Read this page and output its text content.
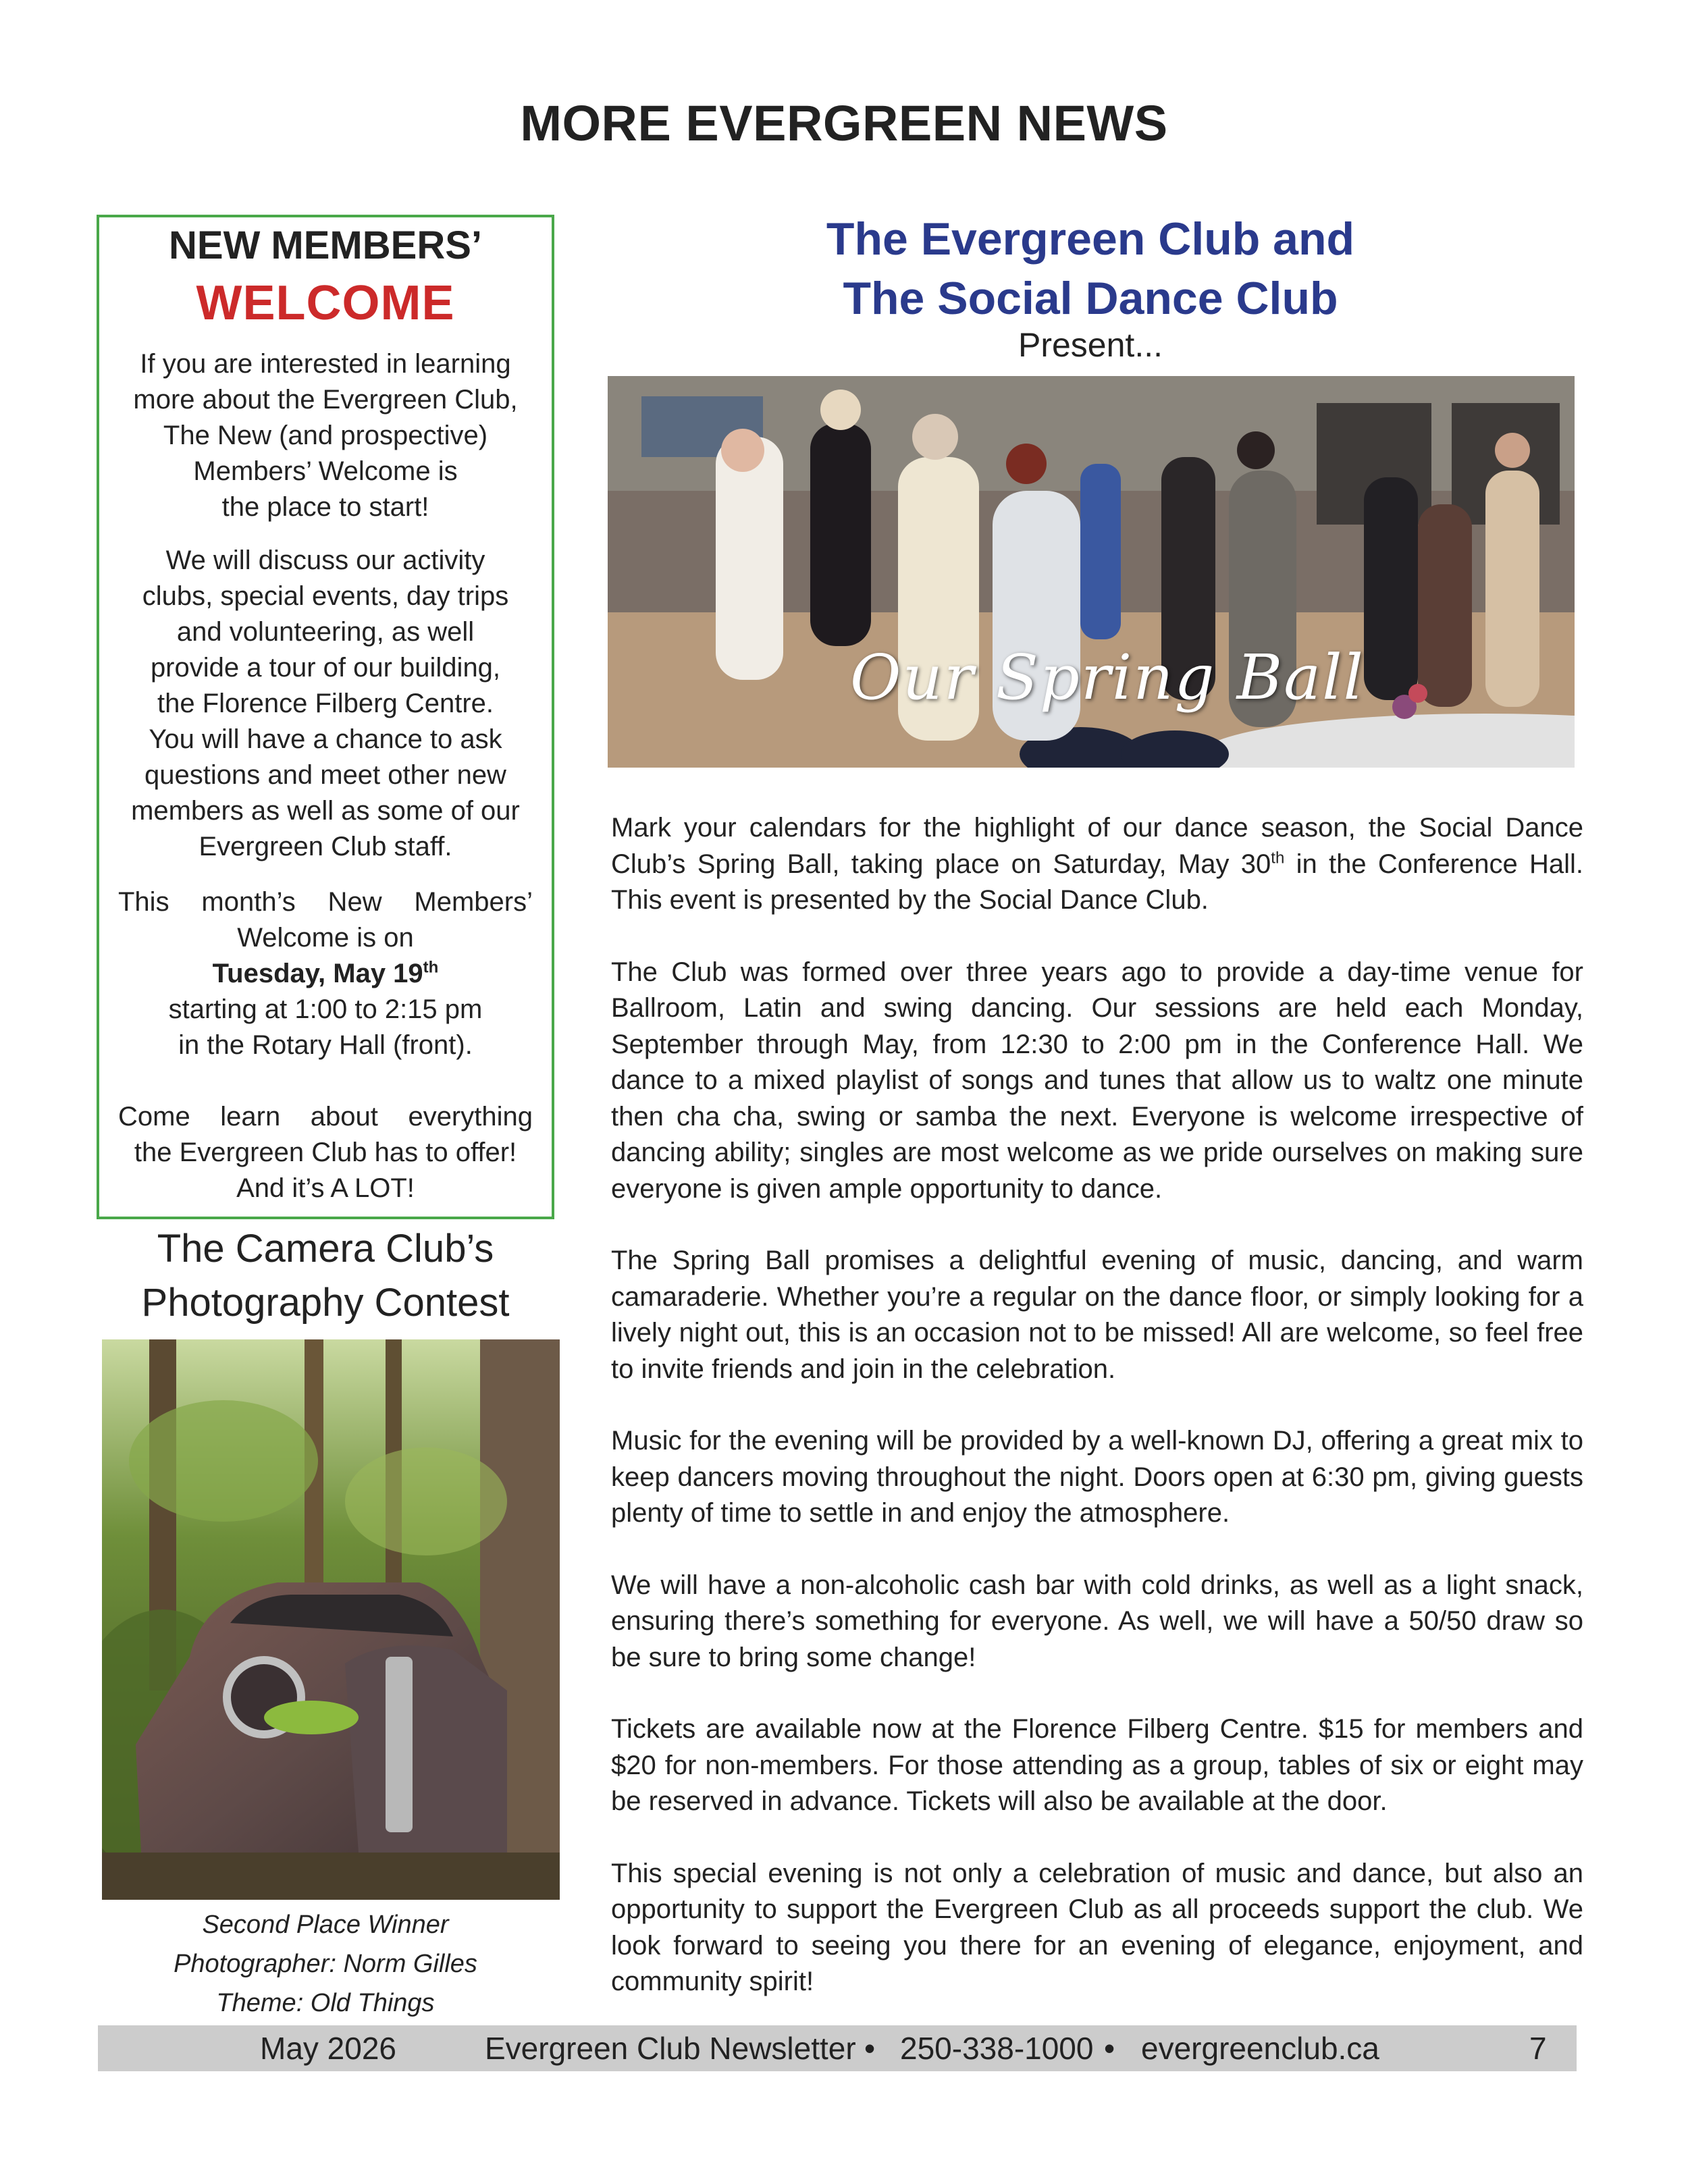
MORE EVERGREEN NEWS
NEW MEMBERS’
WELCOME
If you are interested in learning
more about the Evergreen Club,
The New (and prospective)
Members’ Welcome is
the place to start!
We will discuss our activity
clubs, special events, day trips
and volunteering, as well
provide a tour of our building,
the Florence Filberg Centre.
You will have a chance to ask
questions and meet other new
members as well as some of our
Evergreen Club staff.
This month’s New Members’
Welcome is on
Tuesday, May 19th
starting at 1:00 to 2:15 pm
in the Rotary Hall (front).
Come learn about everything
the Evergreen Club has to offer!
And it’s A LOT!
The Camera Club’s
Photography Contest
Second Place Winner
Photographer: Norm Gilles
Theme: Old Things
The Evergreen Club and
The Social Dance Club
Present...
Our Spring Ball

Mark your calendars for the highlight of our dance season, the Social Dance Club’s Spring Ball, taking place on Saturday, May 30th in the Conference Hall. This event is presented by the Social Dance Club.

The Club was formed over three years ago to provide a day-time venue for Ballroom, Latin and swing dancing. Our sessions are held each Monday, September through May, from 12:30 to 2:00 pm in the Conference Hall. We dance to a mixed playlist of songs and tunes that allow us to waltz one minute then cha cha, swing or samba the next. Everyone is welcome irrespective of dancing ability; singles are most welcome as we pride ourselves on making sure everyone is given ample opportunity to dance.

The Spring Ball promises a delightful evening of music, dancing, and warm camaraderie. Whether you’re a regular on the dance floor, or simply looking for a lively night out, this is an occasion not to be missed! All are welcome, so feel free to invite friends and join in the celebration.

Music for the evening will be provided by a well-known DJ, offering a great mix to keep dancers moving throughout the night. Doors open at 6:30 pm, giving guests plenty of time to settle in and enjoy the atmosphere.

We will have a non-alcoholic cash bar with cold drinks, as well as a light snack, ensuring there’s something for everyone. As well, we will have a 50/50 draw so be sure to bring some change!

Tickets are available now at the Florence Filberg Centre. $15 for members and $20 for non-members. For those attending as a group, tables of six or eight may be reserved in advance. Tickets will also be available at the door.

This special evening is not only a celebration of music and dance, but also an opportunity to support the Evergreen Club as all proceeds support the club. We look forward to seeing you there for an evening of elegance, enjoyment, and community spirit!

May 2026	Evergreen Club Newsletter • 250-338-1000 • evergreenclub.ca	7
